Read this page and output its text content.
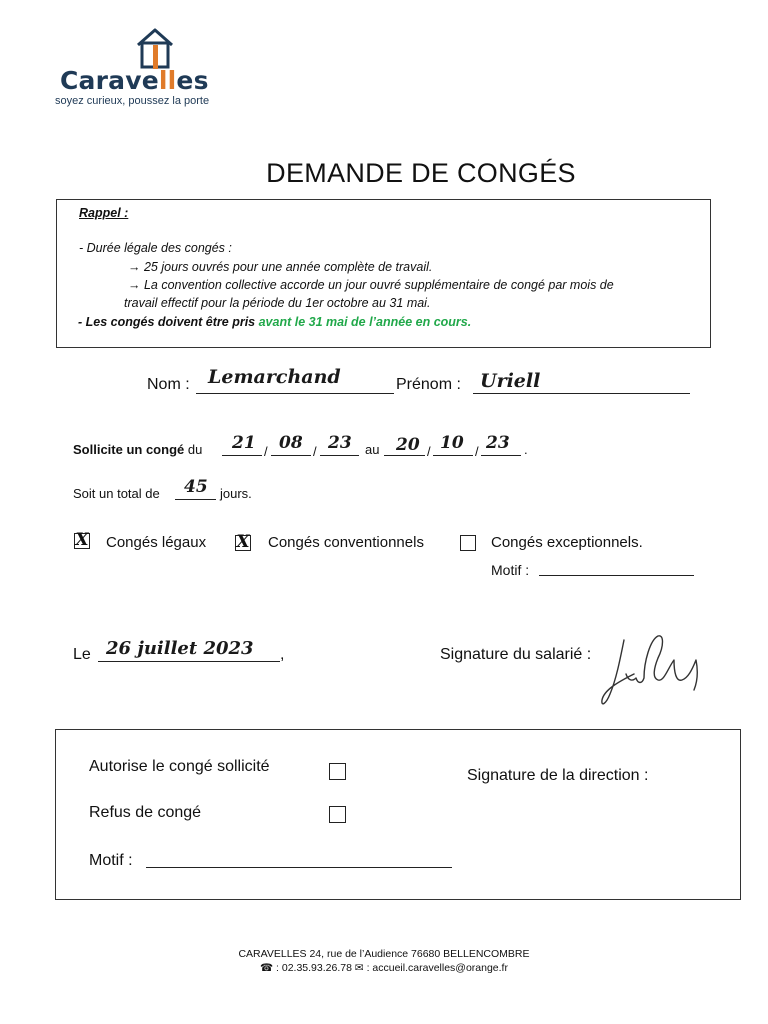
Caravelles
soyez curieux, poussez la porte
DEMANDE DE CONGÉS
Rappel :
- Durée légale des congés :
→ 25 jours ouvrés pour une année complète de travail.
→ La convention collective accorde un jour ouvré supplémentaire de congé par mois de
travail effectif pour la période du 1er octobre au 31 mai.
- Les congés doivent être pris avant le 31 mai de l’année en cours.
Nom : Lemarchand	Prénom : Uriell
Sollicite un congé du 21 / 08 / 23 au 20 / 10 / 23 .
Soit un total de 45 jours.
X Congés légaux X Congés conventionnels	Congés exceptionnels.
Motif :
Le 26 juillet 2023 ,	Signature du salarié :
Autorise le congé sollicité
Refus de congé
Motif :
Signature de la direction :
CARAVELLES 24, rue de l’Audience 76680 BELLENCOMBRE
☎ : 02.35.93.26.78 ✉ : accueil.caravelles@orange.fr
